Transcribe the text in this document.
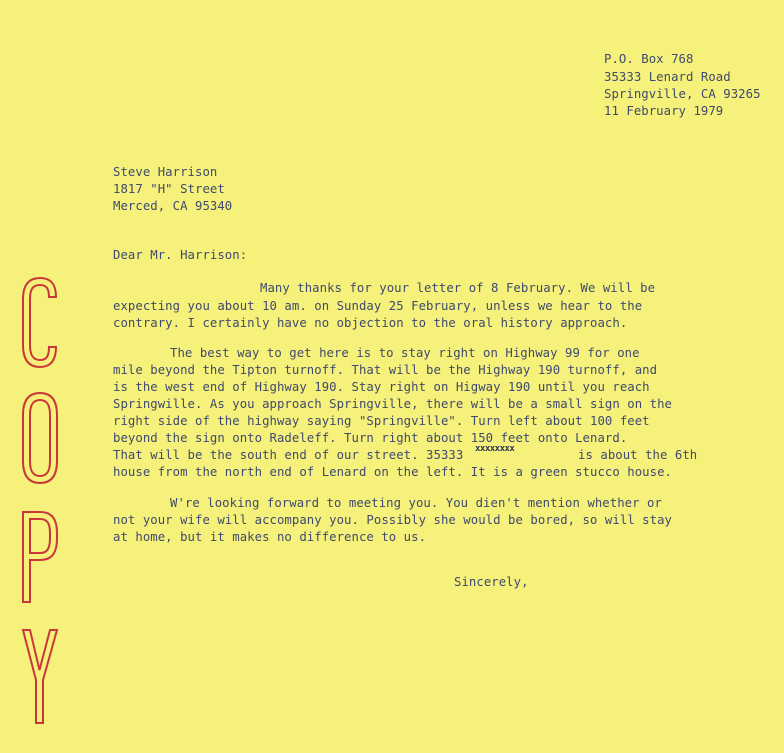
P.O. Box 768
35333 Lenard Road
Springville, CA 93265
11 February 1979
Steve Harrison
1817 "H" Street
Merced, CA 95340
Dear Mr. Harrison:
Many thanks for your letter of 8 February. We will be
expecting you about 10 am. on Sunday 25 February, unless we hear to the
contrary. I certainly have no objection to the oral history approach.
The best way to get here is to stay right on Highway 99 for one
mile beyond the Tipton turnoff. That will be the Highway 190 turnoff, and
is the west end of Highway 190. Stay right on Higway 190 until you reach
Springwille. As you approach Springville, there will be a small sign on the
right side of the highway saying "Springville". Turn left about 100 feet
beyond the sign onto Radeleff. Turn right about 150 feet onto Lenard.
That will be the south end of our street. 35333 xxxxxxxx	is about the 6th
house from the north end of Lenard on the left. It is a green stucco house.
W're looking forward to meeting you. You dien't mention whether or
not your wife will accompany you. Possibly she would be bored, so will stay
at home, but it makes no difference to us.
Sincerely,
